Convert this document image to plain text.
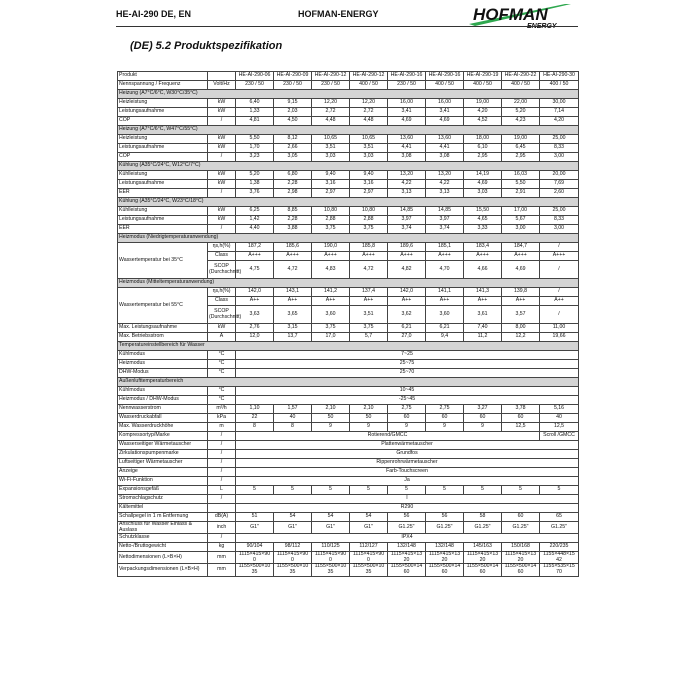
HE-AI-290 DE, EN	HOFMAN-ENERGY	HOFMAN
(DE) 5.2 Produktspezifikation
Produkt		HE-AI-290-06	HE-AI-290-09	HE-AI-290-12	HE-AI-290-12	HE-AI-290-16	HE-AI-290-16	HE-AI-290-19	HE-AI-290-22	HE-AI-290-30
Nennspannung / Frequenz	Volt/Hz	230 / 50	230 / 50	230 / 50	400 / 50	230 / 50	400 / 50	400 / 50	400 / 50	400 / 50
Heizung (A7°C/6°C, W30°C/35°C)										
Heizleistung	kW	6,40	9,15	12,20	12,20	16,00	16,00	19,00	22,00	30,00
Leistungsaufnahme	kW	1,33	2,03	2,72	2,72	3,41	3,41	4,20	5,20	7,14
COP	/	4,81	4,50	4,48	4,48	4,69	4,69	4,52	4,23	4,20
Heizung (A7°C/6°C, W47°C/55°C)										
Heizleistung	kW	5,50	8,12	10,65	10,65	13,60	13,60	18,00	19,00	25,00
Leistungsaufnahme	kW	1,70	2,66	3,51	3,51	4,41	4,41	6,10	6,45	8,33
COP	/	3,23	3,05	3,03	3,03	3,08	3,08	2,95	2,95	3,00
Kühlung (A35°C/24°C, W12°C/7°C)										
Kühlleistung	kW	5,20	6,80	9,40	9,40	13,20	13,20	14,19	16,03	20,00
Leistungsaufnahme	kW	1,38	2,28	3,16	3,16	4,22	4,22	4,69	5,50	7,69
EER	/	3,76	2,98	2,97	2,97	3,13	3,13	3,03	2,91	2,60
Kühlung (A35°C/24°C, W23°C/18°C)										
Kühlleistung	kW	6,25	8,85	10,80	10,80	14,85	14,85	15,50	17,00	25,00
Leistungsaufnahme	kW	1,42	2,28	2,88	2,88	3,97	3,97	4,65	5,67	8,33
EER	/	4,40	3,88	3,75	3,75	3,74	3,74	3,33	3,00	3,00
Heizmodus (Niedrigtemperaturanwendung)										
Wassertemperatur bei 35°C	ηs,h(%)	187,2	185,6	190,0	185,8	189,6	185,1	183,4	184,7	/
	Class	A+++	A+++	A+++	A+++	A+++	A+++	A+++	A+++	A+++
	SCOP (Durchschnitt)	4,75	4,72	4,83	4,72	4,82	4,70	4,66	4,69	/
Heizmodus (Mitteltemperaturanwendung)										
Wassertemperatur bei 55°C	ηs,h(%)	142,0	143,1	141,2	137,4	142,0	141,1	141,3	139,8	/
	Class	A++	A++	A++	A++	A++	A++	A++	A++	A++
	SCOP (Durchschnitt)	3,63	3,65	3,60	3,51	3,62	3,60	3,61	3,57	/
Max. Leistungsaufnahme	kW	2,76	3,15	3,75	3,75	6,21	6,21	7,40	8,00	11,00
Max. Betriebsstrom	A	12,0	13,7	17,0	5,7	27,0	9,4	11,2	12,2	19,66
Temperatureinstellbereich für Wasser										
Kühlmodus	°C	7~25								
Heizmodus	°C	25~75								
DHW-Modus	°C	25~70								
Außenlufttemperaturbereich										
Kühlmodus	°C	10~45								
Heizmodus / DHW-Modus	°C	-25~45								
Nennwasserstrom	m³/h	1,10	1,57	2,10	2,10	2,75	2,75	3,27	3,78	5,16
Wasserdruckabfall	kPa	22	40	50	50	60	60	60	60	40
Max. Wasserdruckhöhe	m	8	8	9	9	9	9	9	12,5	12,5
Kompressortyp/Marke	/	Rotierend/GMCC								Scroll /GMCC
Wasserseitiger Wärmetauscher	/	Plattenwärmetauscher								
Zirkulationspumpenmarke	/	Grundfos								
Luftseitiger Wärmetauscher	/	Rippenrohrwärmetauscher								
Anzeige	/	Farb-Touchscreen								
Wi-Fi-Funktion	/	Ja								
Expansionsgefäß	L	5	5	5	5	5	5	5	5	5
Stromschlagschutz	/	I								
Kältemittel		R290								
Schallpegel in 1 m Entfernung	dB(A)	51	54	54	54	56	56	58	60	65
Anschluss für Wasser Einlass & Auslass	inch	G1"	G1"	G1"	G1"	G1.25"	G1.25"	G1.25"	G1.25"	G1.25"
Schutzklasse	/	IPX4								
Netto-/Bruttogewicht	kg	90/104	98/112	110/125	112/127	132/148	132/148	145/163	150/168	220/235
Nettodimensionen (L×B×H)	mm	1115×415×90 0	1115×415×90 0	1115×415×90 0	1115×415×90 0	1115×415×13 20	1115×415×13 20	1115×415×13 20	1115×415×13 20	1155×448×15 42
Verpackungsdimensionen (L×B×H)	mm	1155×500×10 35	1155×500×10 35	1155×500×10 35	1155×500×10 35	1155×500×14 60	1155×500×14 60	1155×500×14 60	1155×500×14 60	1155×535×15 70
